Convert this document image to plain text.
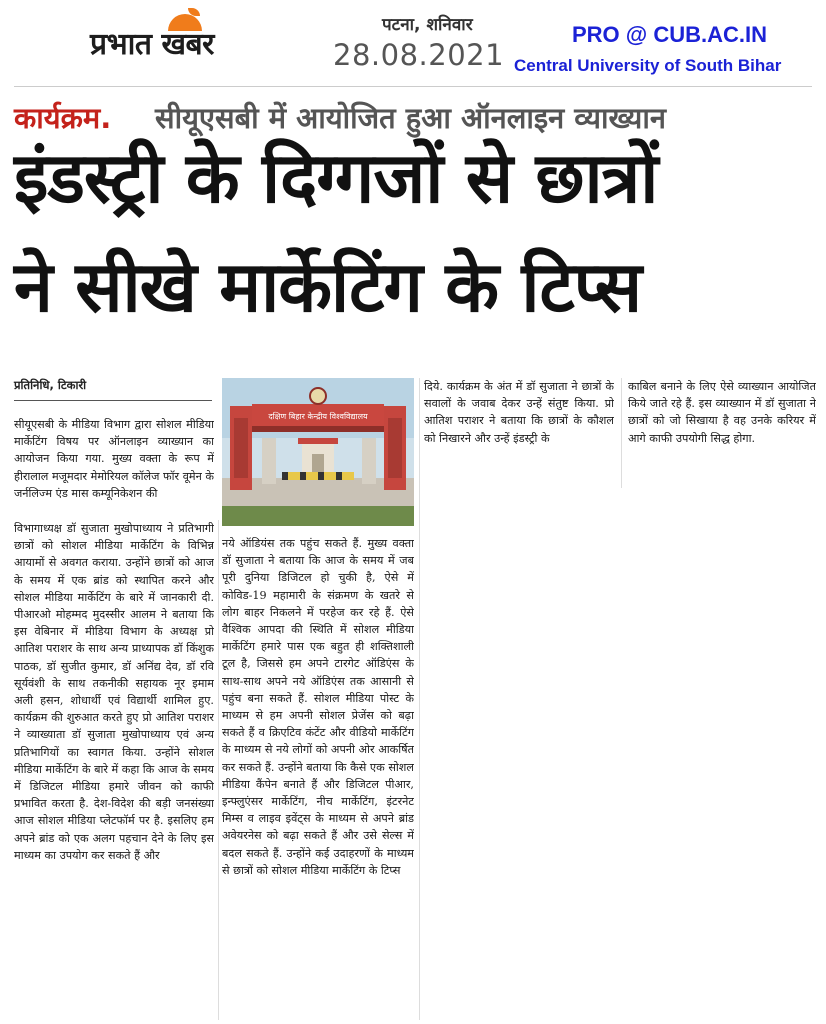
प्रभात खबर
पटना, शनिवार
28.08.2021
PRO @ CUB.AC.IN
Central University of South Bihar
कार्यक्रम. सीयूएसबी में आयोजित हुआ ऑनलाइन व्याख्यान
इंडस्ट्री के दिग्गजों से छात्रों
ने सीखे मार्केटिंग के टिप्स
प्रतिनिधि, टिकारी
दक्षिण बिहार केन्द्रीय विश्वविद्यालय

सीयूएसबी के मीडिया विभाग द्वारा सोशल मीडिया मार्केटिंग विषय पर ऑनलाइन व्याख्यान का आयोजन किया गया. मुख्य वक्ता के रूप में हीरालाल मजूमदार मेमोरियल कॉलेज फॉर वूमेन के जर्नलिज्म एंड मास कम्यूनिकेशन की

विभागाध्यक्ष डॉ सुजाता मुखोपाध्याय ने प्रतिभागी छात्रों को सोशल मीडिया मार्केटिंग के विभिन्न आयामों से अवगत कराया. उन्होंने छात्रों को आज के समय में एक ब्रांड को स्थापित करने और सोशल मीडिया मार्केटिंग के बारे में जानकारी दी. पीआरओ मोहम्मद मुदस्सीर आलम ने बताया कि इस वेबिनार में मीडिया विभाग के अध्यक्ष प्रो आतिश पराशर के साथ अन्य प्राध्यापक डॉ किंशुक पाठक, डॉ सुजीत कुमार, डॉ अनिंद्य देव, डॉ रवि सूर्यवंशी के साथ तकनीकी सहायक नूर इमाम अली हसन, शोधार्थी एवं विद्यार्थी शामिल हुए. कार्यक्रम की शुरुआत करते हुए प्रो आतिश पराशर ने व्याख्याता डॉ सुजाता मुखोपाध्याय एवं अन्य प्रतिभागियों का स्वागत किया. उन्होंने सोशल मीडिया मार्केटिंग के बारे में कहा कि आज के समय में डिजिटल मीडिया हमारे जीवन को काफी प्रभावित करता है. देश-विदेश की बड़ी जनसंख्या आज सोशल मीडिया प्लेटफॉर्म पर है. इसलिए हम अपने ब्रांड को एक अलग पहचान देने के लिए इस माध्यम का उपयोग कर सकते हैं और

नये ऑडियंस तक पहुंच सकते हैं. मुख्य वक्ता डॉ सुजाता ने बताया कि आज के समय में जब पूरी दुनिया डिजिटल हो चुकी है, ऐसे में कोविड-19 महामारी के संक्रमण के खतरे से लोग बाहर निकलने में परहेज कर रहे हैं. ऐसे वैश्विक आपदा की स्थिति में सोशल मीडिया मार्केटिंग हमारे पास एक बहुत ही शक्तिशाली टूल है, जिससे हम अपने टारगेट ऑडिएंस के साथ-साथ अपने नये ऑडिएंस तक आसानी से पहुंच बना सकते हैं. सोशल मीडिया पोस्ट के माध्यम से हम अपनी सोशल प्रेजेंस को बढ़ा सकते हैं व क्रिएटिव कंटेंट और वीडियो मार्केटिंग के माध्यम से नये लोगों को अपनी ओर आकर्षित कर सकते हैं. उन्होंने बताया कि कैसे एक सोशल मीडिया कैंपेन बनाते हैं और डिजिटल पीआर, इन्फ्लुएंसर मार्केटिंग, नीच मार्केटिंग, इंटरनेट मिम्स व लाइव इवेंट्स के माध्यम से अपने ब्रांड अवेयरनेस को बढ़ा सकते हैं और उसे सेल्स में बदल सकते हैं. उन्होंने कई उदाहरणों के माध्यम से छात्रों को सोशल मीडिया मार्केटिंग के टिप्स

दिये. कार्यक्रम के अंत में डॉ सुजाता ने छात्रों के सवालों के जवाब देकर उन्हें संतुष्ट किया. प्रो आतिश पराशर ने बताया कि छात्रों के कौशल को निखारने और उन्हें इंडस्ट्री के

काबिल बनाने के लिए ऐसे व्याख्यान आयोजित किये जाते रहे हैं. इस व्याख्यान में डॉ सुजाता ने छात्रों को जो सिखाया है वह उनके करियर में आगे काफी उपयोगी सिद्ध होगा.
